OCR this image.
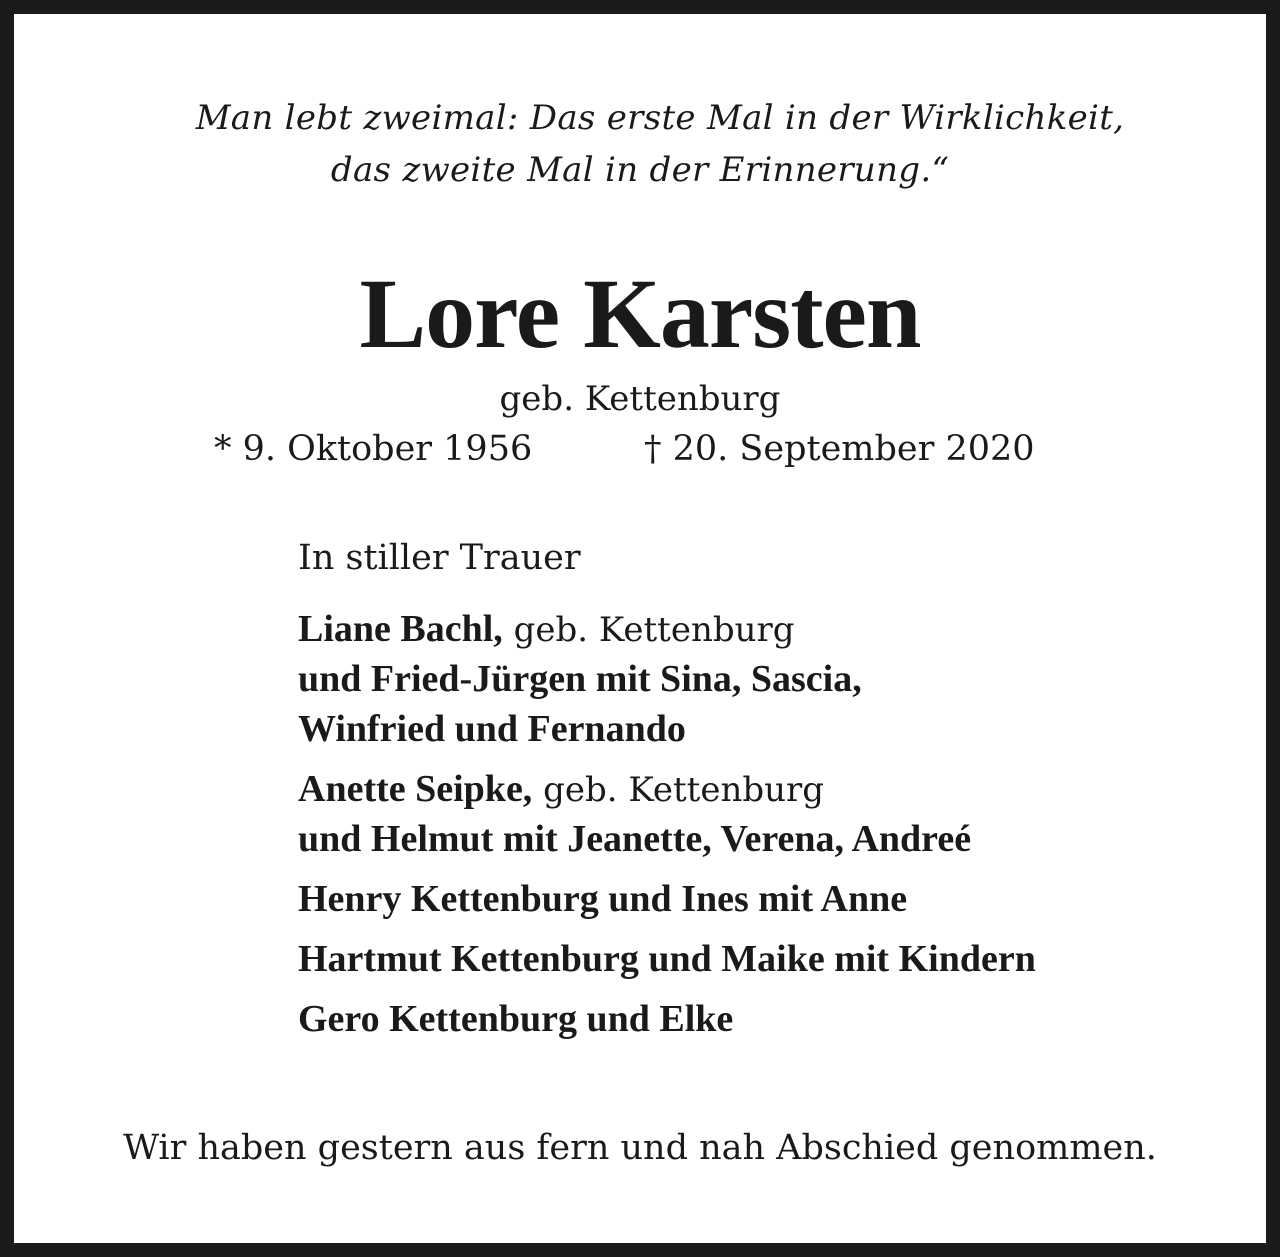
Man lebt zweimal: Das erste Mal in der Wirklichkeit,
das zweite Mal in der Erinnerung.“
Lore Karsten
geb. Kettenburg
* 9. Oktober 1956	† 20. September 2020
In stiller Trauer
Liane Bachl, geb. Kettenburg
und Fried-Jürgen mit Sina, Sascia,
Winfried und Fernando
Anette Seipke, geb. Kettenburg
und Helmut mit Jeanette, Verena, Andreé
Henry Kettenburg und Ines mit Anne
Hartmut Kettenburg und Maike mit Kindern
Gero Kettenburg und Elke
Wir haben gestern aus fern und nah Abschied genommen.
